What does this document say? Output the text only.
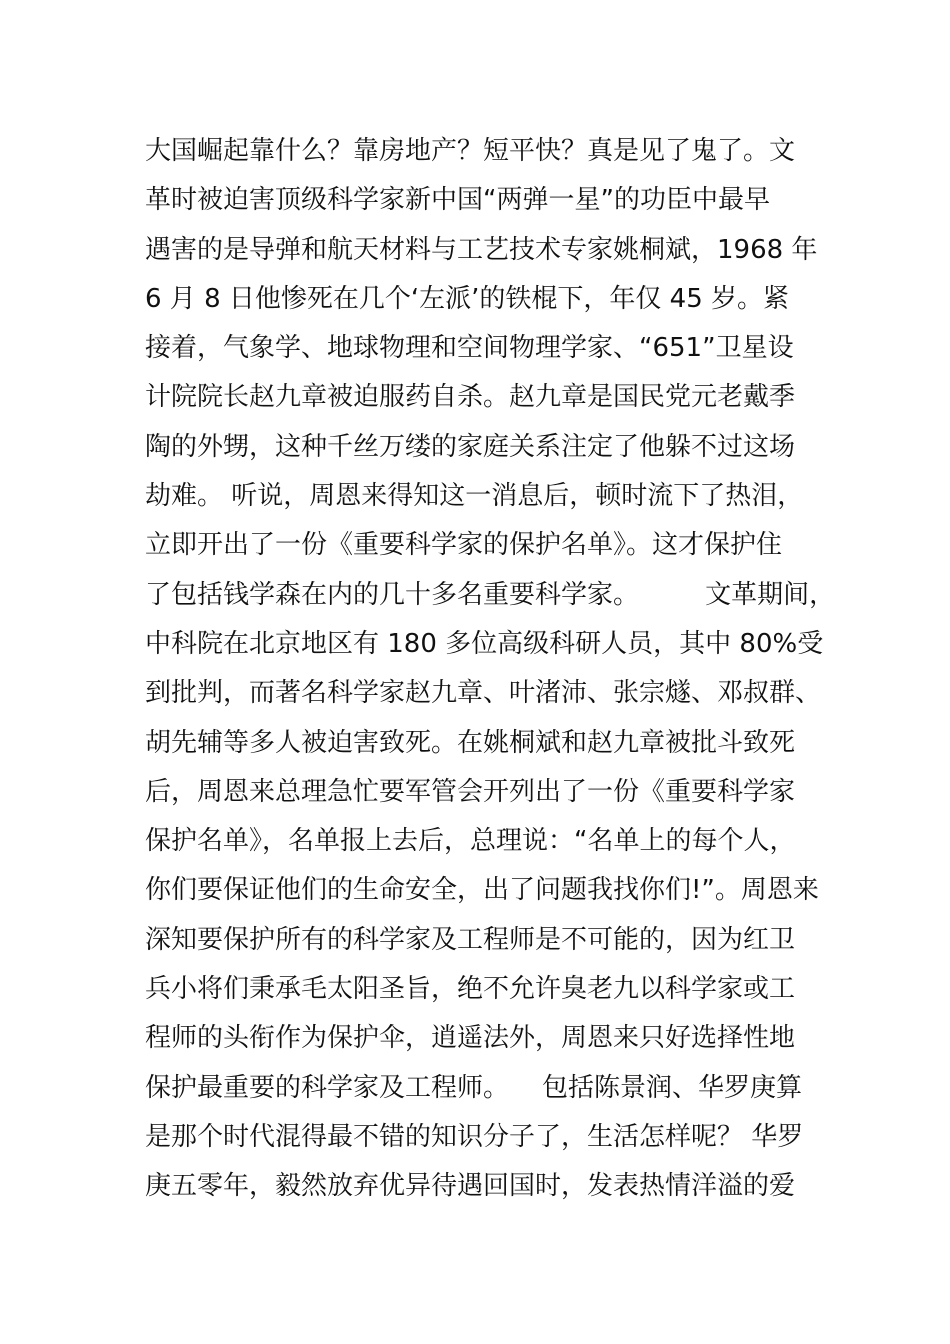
大国崛起靠什么？靠房地产？短平快？真是见了鬼了。文
革时被迫害顶级科学家新中国“两弹一星”的功臣中最早
遇害的是导弹和航天材料与工艺技术专家姚桐斌，1968 年
6 月 8 日他惨死在几个‘左派’的铁棍下，年仅 45 岁。紧
接着，气象学、地球物理和空间物理学家、“651”卫星设
计院院长赵九章被迫服药自杀。赵九章是国民党元老戴季
陶的外甥，这种千丝万缕的家庭关系注定了他躲不过这场
劫难。 听说，周恩来得知这一消息后，顿时流下了热泪，
立即开出了一份《重要科学家的保护名单》。这才保护住
了包括钱学森在内的几十多名重要科学家。        文革期间，
中科院在北京地区有 180 多位高级科研人员，其中 80%受
到批判，而著名科学家赵九章、叶渚沛、张宗燧、邓叔群、
胡先辅等多人被迫害致死。在姚桐斌和赵九章被批斗致死
后，周恩来总理急忙要军管会开列出了一份《重要科学家
保护名单》，名单报上去后，总理说：“名单上的每个人，
你们要保证他们的生命安全，出了问题我找你们!”。周恩来
深知要保护所有的科学家及工程师是不可能的，因为红卫
兵小将们秉承毛太阳圣旨，绝不允许臭老九以科学家或工
程师的头衔作为保护伞，逍遥法外，周恩来只好选择性地
保护最重要的科学家及工程师。    包括陈景润、华罗庚算
是那个时代混得最不错的知识分子了，生活怎样呢？ 华罗
庚五零年，毅然放弃优异待遇回国时，发表热情洋溢的爱
